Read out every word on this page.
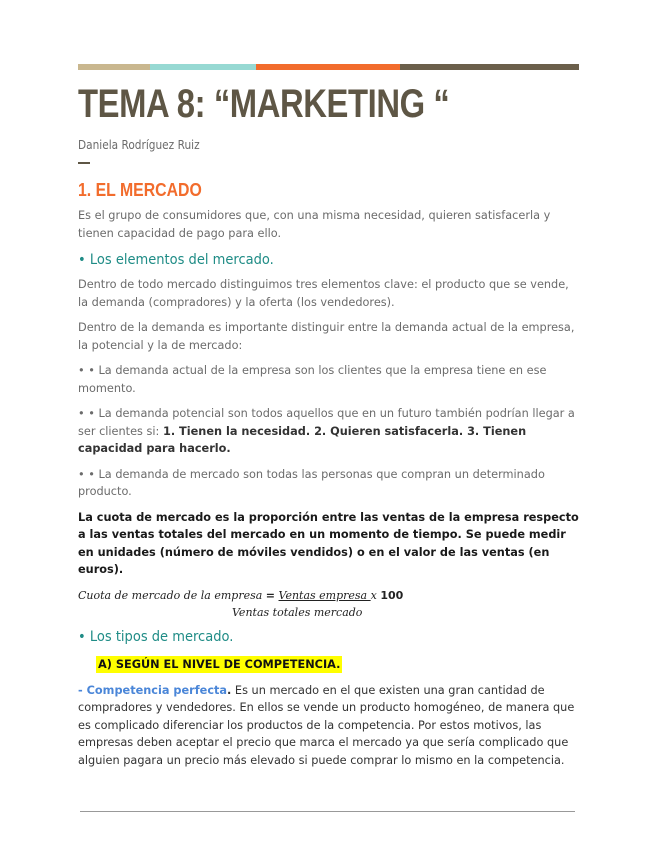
TEMA 8: “MARKETING “
Daniela Rodríguez Ruiz
1. EL MERCADO

Es el grupo de consumidores que, con una misma necesidad, quieren satisfacerla y tienen capacidad de pago para ello.

• Los elementos del mercado.

Dentro de todo mercado distinguimos tres elementos clave: el producto que se vende, la demanda (compradores) y la oferta (los vendedores).

Dentro de la demanda es importante distinguir entre la demanda actual de la empresa, la potencial y la de mercado:

• • La demanda actual de la empresa son los clientes que la empresa tiene en ese momento.

• • La demanda potencial son todos aquellos que en un futuro también podrían llegar a ser clientes si: 1. Tienen la necesidad. 2. Quieren satisfacerla. 3. Tienen capacidad para hacerlo.

• • La demanda de mercado son todas las personas que compran un determinado producto.

La cuota de mercado es la proporción entre las ventas de la empresa respecto a las ventas totales del mercado en un momento de tiempo. Se puede medir en unidades (número de móviles vendidos) o en el valor de las ventas (en euros).

Cuota de mercado de la empresa = Ventas empresa x 100
Ventas totales mercado
• Los tipos de mercado.
A) SEGÚN EL NIVEL DE COMPETENCIA.

- Competencia perfecta. Es un mercado en el que existen una gran cantidad de compradores y vendedores. En ellos se vende un producto homogéneo, de manera que es complicado diferenciar los productos de la competencia. Por estos motivos, las empresas deben aceptar el precio que marca el mercado ya que sería complicado que alguien pagara un precio más elevado si puede comprar lo mismo en la competencia.
